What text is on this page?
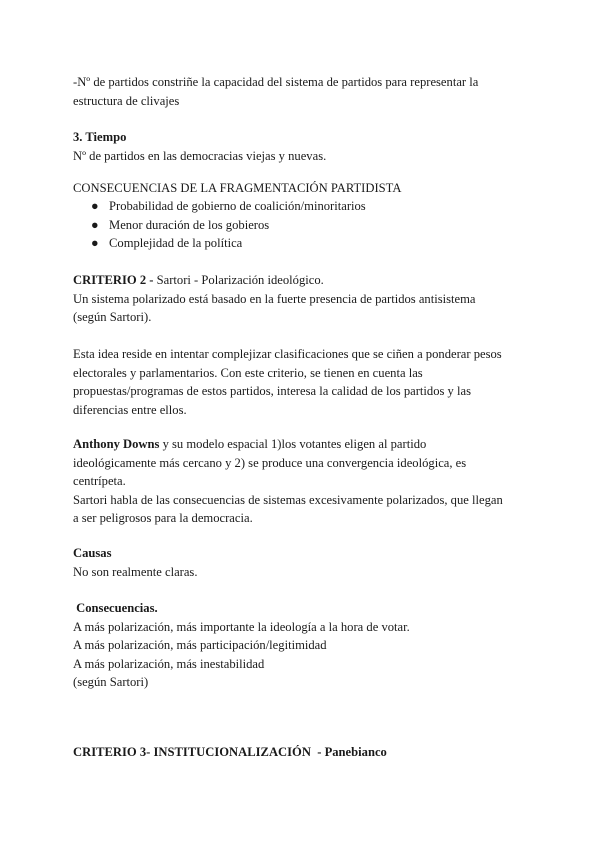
-Nº de partidos constriñe la capacidad del sistema de partidos para representar la
estructura de clivajes

3. Tiempo
Nº de partidos en las democracias viejas y nuevas.

CONSECUENCIAS DE LA FRAGMENTACIÓN PARTIDISTA

● Probabilidad de gobierno de coalición/minoritarios
● Menor duración de los gobieros
● Complejidad de la política

CRITERIO 2 - Sartori - Polarización ideológico.
Un sistema polarizado está basado en la fuerte presencia de partidos antisistema
(según Sartori).

Esta idea reside en intentar complejizar clasificaciones que se ciñen a ponderar pesos
electorales y parlamentarios. Con este criterio, se tienen en cuenta las
propuestas/programas de estos partidos, interesa la calidad de los partidos y las
diferencias entre ellos.

Anthony Downs y su modelo espacial 1)los votantes eligen al partido
ideológicamente más cercano y 2) se produce una convergencia ideológica, es
centrípeta.
Sartori habla de las consecuencias de sistemas excesivamente polarizados, que llegan
a ser peligrosos para la democracia.

Causas
No son realmente claras.

Consecuencias.
A más polarización, más importante la ideología a la hora de votar.
A más polarización, más participación/legitimidad
A más polarización, más inestabilidad
(según Sartori)

CRITERIO 3- INSTITUCIONALIZACIÓN  - Panebianco
